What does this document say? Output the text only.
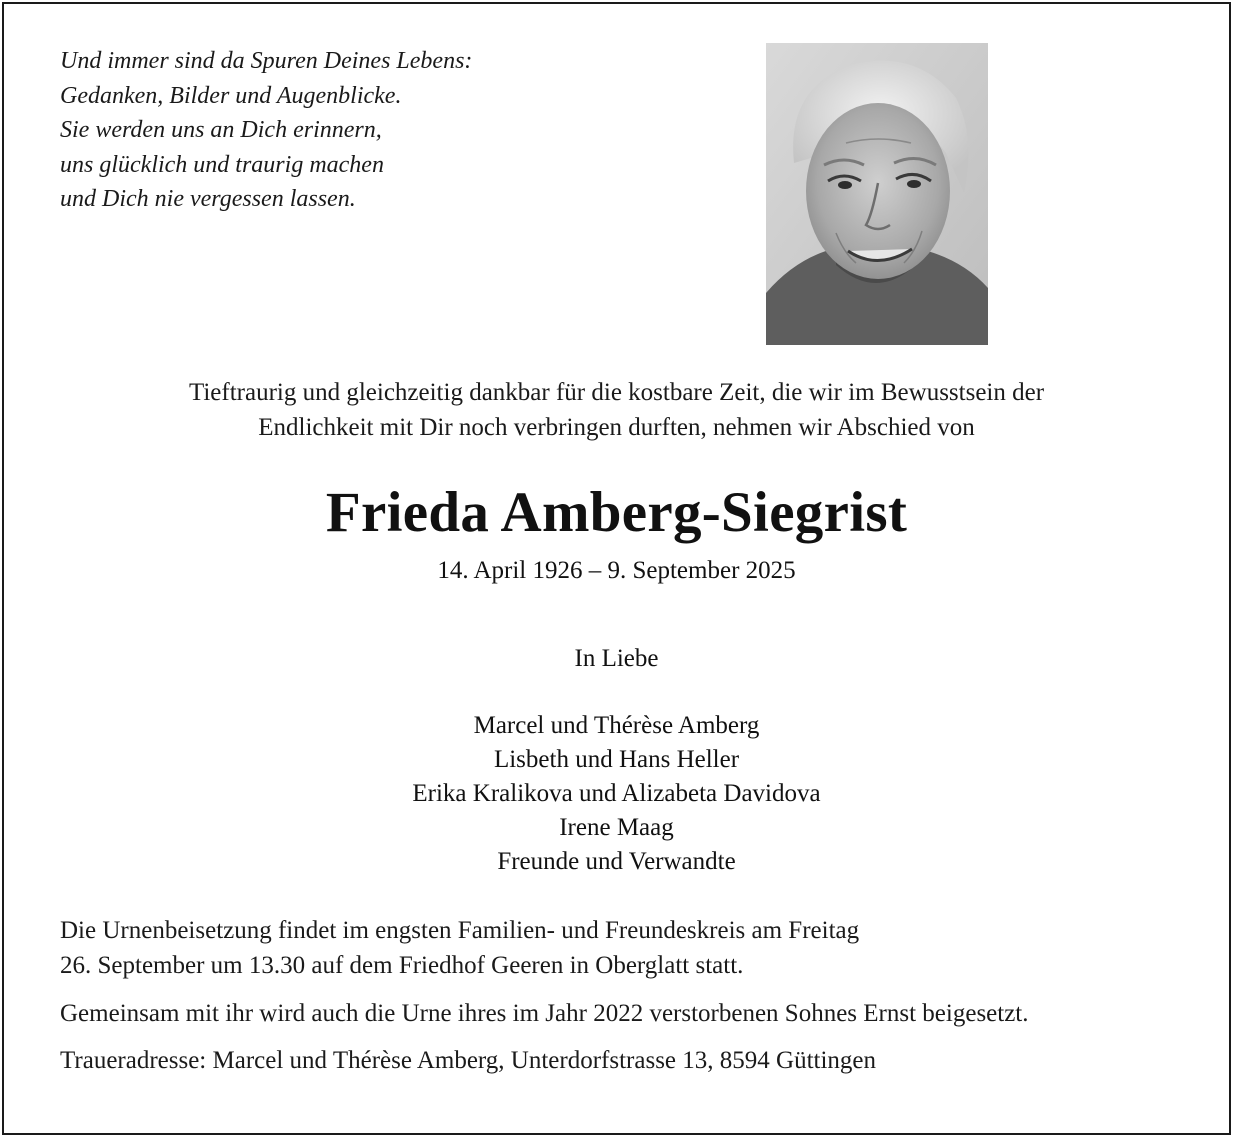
Und immer sind da Spuren Deines Lebens:
Gedanken, Bilder und Augenblicke.
Sie werden uns an Dich erinnern,
uns glücklich und traurig machen
und Dich nie vergessen lassen.
Tieftraurig und gleichzeitig dankbar für die kostbare Zeit, die wir im Bewusstsein der
Endlichkeit mit Dir noch verbringen durften, nehmen wir Abschied von
Frieda Amberg-Siegrist
14. April 1926 – 9. September 2025
In Liebe
Marcel und Thérèse Amberg
Lisbeth und Hans Heller
Erika Kralikova und Alizabeta Davidova
Irene Maag
Freunde und Verwandte
Die Urnenbeisetzung findet im engsten Familien- und Freundeskreis am Freitag
26. September um 13.30 auf dem Friedhof Geeren in Oberglatt statt.
Gemeinsam mit ihr wird auch die Urne ihres im Jahr 2022 verstorbenen Sohnes Ernst beigesetzt.
Traueradresse: Marcel und Thérèse Amberg, Unterdorfstrasse 13, 8594 Güttingen
